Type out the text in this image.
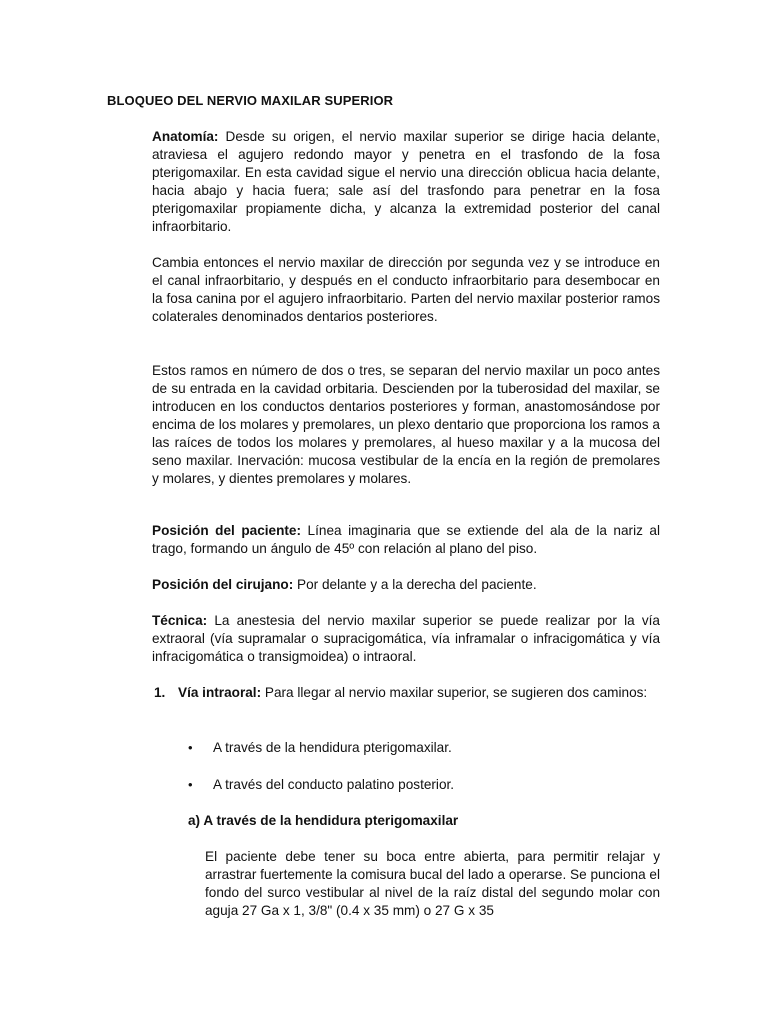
BLOQUEO DEL NERVIO MAXILAR SUPERIOR

Anatomía: Desde su origen, el nervio maxilar superior se dirige hacia delante, atraviesa el agujero redondo mayor y penetra en el trasfondo de la fosa pterigomaxilar. En esta cavidad sigue el nervio una dirección oblicua hacia delante, hacia abajo y hacia fuera; sale así del trasfondo para penetrar en la fosa pterigomaxilar propiamente dicha, y alcanza la extremidad posterior del canal infraorbitario.

Cambia entonces el nervio maxilar de dirección por segunda vez y se introduce en el canal infraorbitario, y después en el conducto infraorbitario para desembocar en la fosa canina por el agujero infraorbitario. Parten del nervio maxilar posterior ramos colaterales denominados dentarios posteriores.

Estos ramos en número de dos o tres, se separan del nervio maxilar un poco antes de su entrada en la cavidad orbitaria. Descienden por la tuberosidad del maxilar, se introducen en los conductos dentarios posteriores y forman, anastomosándose por encima de los molares y premolares, un plexo dentario que proporciona los ramos a las raíces de todos los molares y premolares, al hueso maxilar y a la mucosa del seno maxilar. Inervación: mucosa vestibular de la encía en la región de premolares y molares, y dientes premolares y molares.

Posición del paciente: Línea imaginaria que se extiende del ala de la nariz al trago, formando un ángulo de 45º con relación al plano del piso.

Posición del cirujano: Por delante y a la derecha del paciente.

Técnica: La anestesia del nervio maxilar superior se puede realizar por la vía extraoral (vía supramalar o supracigomática, vía inframalar o infracigomática y vía infracigomática o transigmoidea) o intraoral.

1. Vía intraoral: Para llegar al nervio maxilar superior, se sugieren dos caminos:

• A través de la hendidura pterigomaxilar.
• A través del conducto palatino posterior.
a) A través de la hendidura pterigomaxilar

El paciente debe tener su boca entre abierta, para permitir relajar y arrastrar fuertemente la comisura bucal del lado a operarse. Se punciona el fondo del surco vestibular al nivel de la raíz distal del segundo molar con aguja 27 Ga x 1, 3/8" (0.4 x 35 mm) o 27 G x 35
